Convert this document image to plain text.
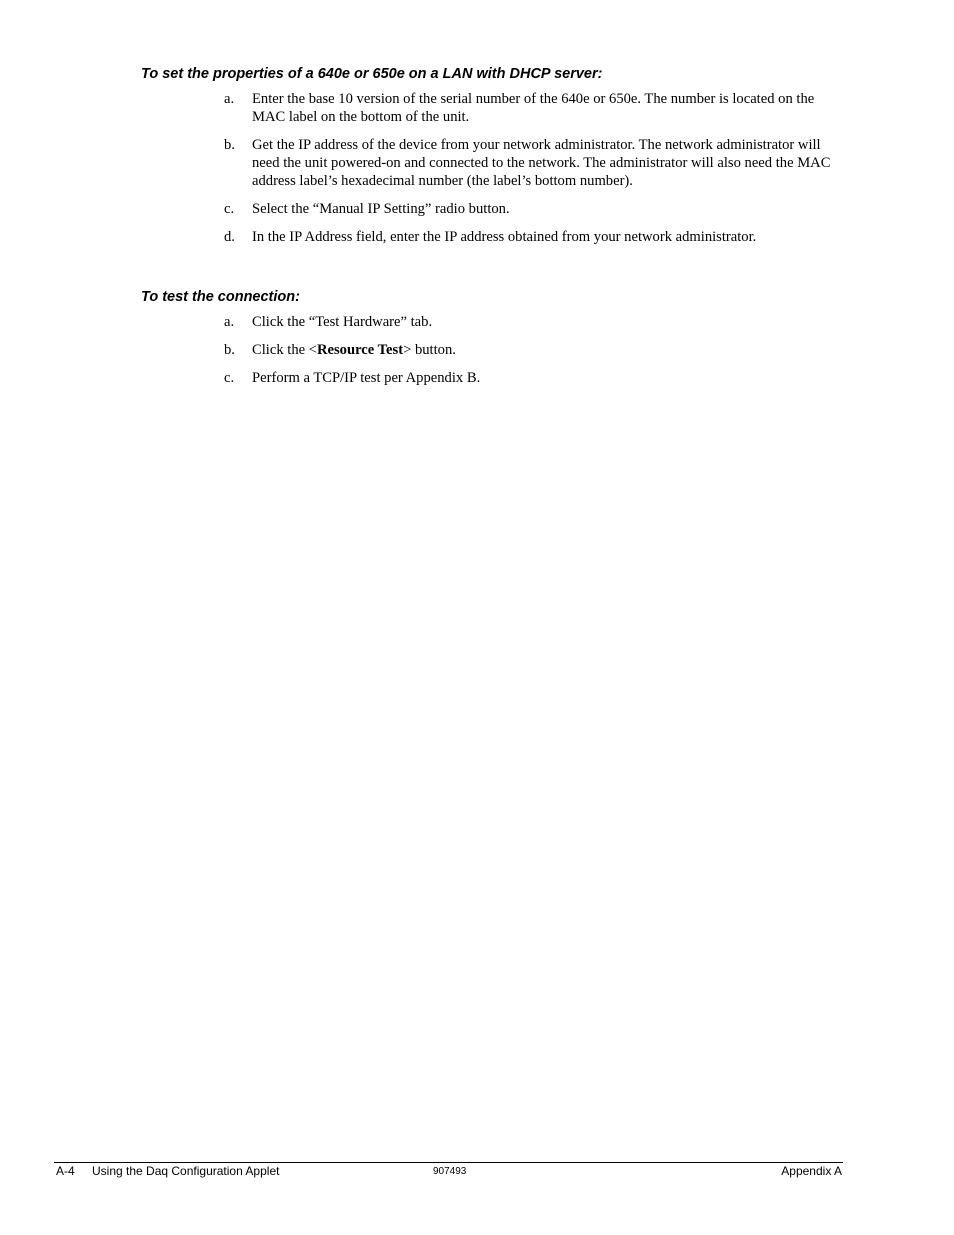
To set the properties of a 640e or 650e on a LAN with DHCP server:
a.	Enter the base 10 version of the serial number of the 640e or 650e. The number is located on the MAC label on the bottom of the unit.
b.	Get the IP address of the device from your network administrator. The network administrator will need the unit powered-on and connected to the network. The administrator will also need the MAC address label’s hexadecimal number (the label’s bottom number).
c.	Select the “Manual IP Setting” radio button.
d.	In the IP Address field, enter the IP address obtained from your network administrator.
To test the connection:
a.	Click the “Test Hardware” tab.
b.	Click the <Resource Test> button.
c.	Perform a TCP/IP test per Appendix B.
A-4 Using the Daq Configuration Applet	907493	Appendix A
